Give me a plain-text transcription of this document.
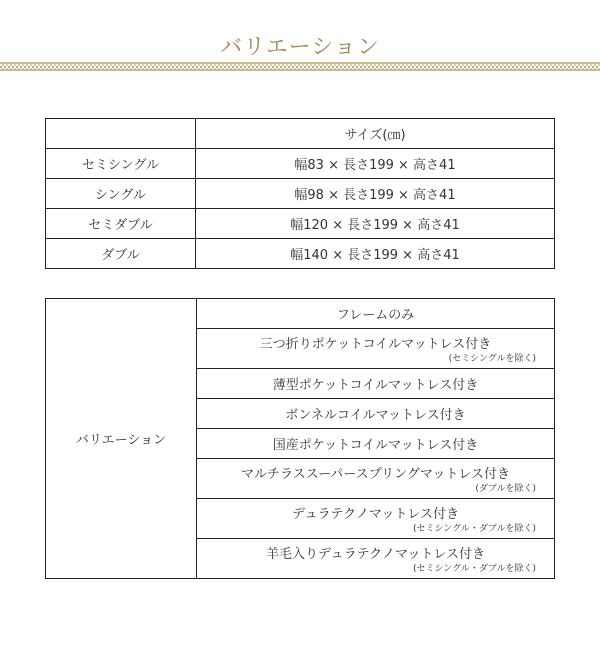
バリエーション
	サイズ(㎝)
セミシングル	幅83 × 長さ199 × 高さ41
シングル	幅98 × 長さ199 × 高さ41
セミダブル	幅120 × 長さ199 × 高さ41
ダブル	幅140 × 長さ199 × 高さ41
バリエーション	フレームのみ

三つ折りポケットコイルマットレス付き
(セミシングルを除く)

薄型ポケットコイルマットレス付き
ボンネルコイルマットレス付き
国産ポケットコイルマットレス付き

マルチラススーパースプリングマットレス付き
(ダブルを除く)

デュラテクノマットレス付き
(セミシングル・ダブルを除く)

羊毛入りデュラテクノマットレス付き
(セミシングル・ダブルを除く)
